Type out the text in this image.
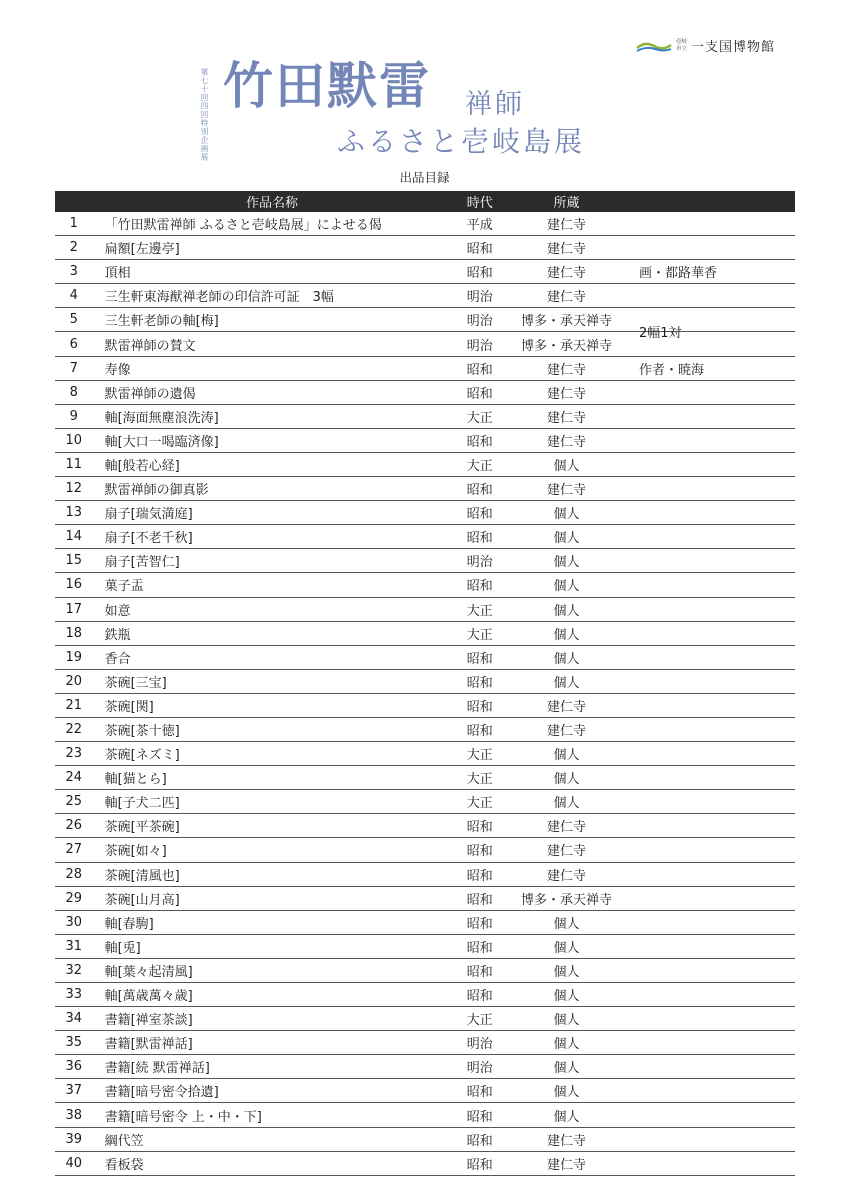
壱岐
市立 一支国博物館
第七十回四回特別企画展 竹田默雷 禅師
ふるさと壱岐島展
出品目録
	作品名称	時代	所蔵	
1	「竹田默雷禅師 ふるさと壱岐島展」によせる偈	平成	建仁寺	
2	扁額[左邊亭]	昭和	建仁寺	
3	頂相	昭和	建仁寺	画・都路華香
4	三生軒東海猷禅老師の印信許可証　3幅	明治	建仁寺	
5	三生軒老師の軸[梅]	明治	博多・承天禅寺	2幅1対
6	默雷禅師の賛文	明治	博多・承天禅寺	
7	寿像	昭和	建仁寺	作者・暁海
8	默雷禅師の遺偈	昭和	建仁寺	
9	軸[海面無塵浪洗涛]	大正	建仁寺	
10	軸[大口一喝臨済像]	昭和	建仁寺	
11	軸[般若心経]	大正	個人	
12	默雷禅師の御真影	昭和	建仁寺	
13	扇子[瑞気満庭]	昭和	個人	
14	扇子[不老千秋]	昭和	個人	
15	扇子[苦智仁]	明治	個人	
16	菓子盂	昭和	個人	
17	如意	大正	個人	
18	鉄瓶	大正	個人	
19	香合	昭和	個人	
20	茶碗[三宝]	昭和	個人	
21	茶碗[関]	昭和	建仁寺	
22	茶碗[茶十徳]	昭和	建仁寺	
23	茶碗[ネズミ]	大正	個人	
24	軸[猫とら]	大正	個人	
25	軸[子犬二匹]	大正	個人	
26	茶碗[平茶碗]	昭和	建仁寺	
27	茶碗[如々]	昭和	建仁寺	
28	茶碗[清風也]	昭和	建仁寺	
29	茶碗[山月高]	昭和	博多・承天禅寺	
30	軸[春駒]	昭和	個人	
31	軸[兎]	昭和	個人	
32	軸[葉々起清風]	昭和	個人	
33	軸[萬歳萬々歳]	昭和	個人	
34	書籍[禅室茶談]	大正	個人	
35	書籍[默雷禅話]	明治	個人	
36	書籍[続 默雷禅話]	明治	個人	
37	書籍[暗号密令拾遺]	昭和	個人	
38	書籍[暗号密令 上・中・下]	昭和	個人	
39	綱代笠	昭和	建仁寺	
40	看板袋	昭和	建仁寺	
